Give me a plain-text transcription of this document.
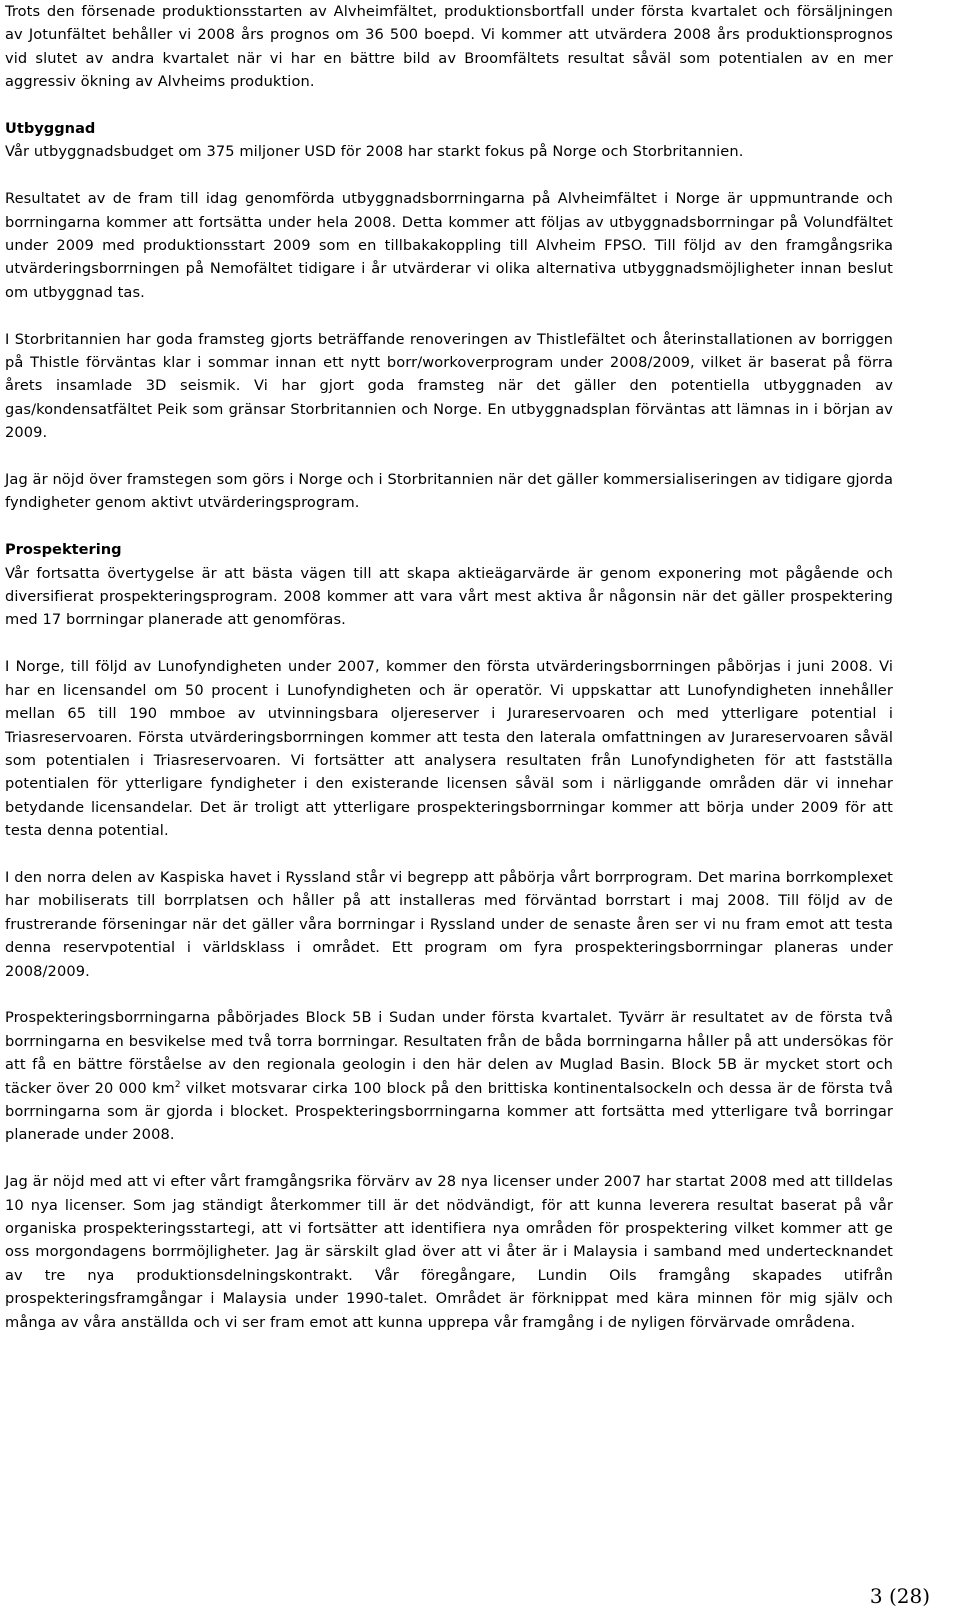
Trots den försenade produktionsstarten av Alvheimfältet, produktionsbortfall under första kvartalet och försäljningen av Jotunfältet behåller vi 2008 års prognos om 36 500 boepd. Vi kommer att utvärdera 2008 års produktionsprognos vid slutet av andra kvartalet när vi har en bättre bild av Broomfältets resultat såväl som potentialen av en mer aggressiv ökning av Alvheims produktion.

Utbyggnad

Vår utbyggnadsbudget om 375 miljoner USD för 2008 har starkt fokus på Norge och Storbritannien.

Resultatet av de fram till idag genomförda utbyggnadsborrningarna på Alvheimfältet i Norge är uppmuntrande och borrningarna kommer att fortsätta under hela 2008. Detta kommer att följas av utbyggnadsborrningar på Volundfältet under 2009 med produktionsstart 2009 som en tillbakakoppling till Alvheim FPSO. Till följd av den framgångsrika utvärderingsborrningen på Nemofältet tidigare i år utvärderar vi olika alternativa utbyggnadsmöjligheter innan beslut om utbyggnad tas.

I Storbritannien har goda framsteg gjorts beträffande renoveringen av Thistlefältet och återinstallationen av borriggen på Thistle förväntas klar i sommar innan ett nytt borr/workoverprogram under 2008/2009, vilket är baserat på förra årets insamlade 3D seismik. Vi har gjort goda framsteg när det gäller den potentiella utbyggnaden av gas/kondensatfältet Peik som gränsar Storbritannien och Norge. En utbyggnadsplan förväntas att lämnas in i början av 2009.

Jag är nöjd över framstegen som görs i Norge och i Storbritannien när det gäller kommersialiseringen av tidigare gjorda fyndigheter genom aktivt utvärderingsprogram.

Prospektering

Vår fortsatta övertygelse är att bästa vägen till att skapa aktieägarvärde är genom exponering mot pågående och diversifierat prospekteringsprogram. 2008 kommer att vara vårt mest aktiva år någonsin när det gäller prospektering med 17 borrningar planerade att genomföras.

I Norge, till följd av Lunofyndigheten under 2007, kommer den första utvärderingsborrningen påbörjas i juni 2008. Vi har en licensandel om 50 procent i Lunofyndigheten och är operatör. Vi uppskattar att Lunofyndigheten innehåller mellan 65 till 190 mmboe av utvinningsbara oljereserver i Jurareservoaren och med ytterligare potential i Triasreservoaren. Första utvärderingsborrningen kommer att testa den laterala omfattningen av Jurareservoaren såväl som potentialen i Triasreservoaren. Vi fortsätter att analysera resultaten från Lunofyndigheten för att fastställa potentialen för ytterligare fyndigheter i den existerande licensen såväl som i närliggande områden där vi innehar betydande licensandelar. Det är troligt att ytterligare prospekteringsborrningar kommer att börja under 2009 för att testa denna potential.

I den norra delen av Kaspiska havet i Ryssland står vi begrepp att påbörja vårt borrprogram. Det marina borrkomplexet har mobiliserats till borrplatsen och håller på att installeras med förväntad borrstart i maj 2008. Till följd av de frustrerande förseningar när det gäller våra borrningar i Ryssland under de senaste åren ser vi nu fram emot att testa denna reservpotential i världsklass i området. Ett program om fyra prospekteringsborrningar planeras under 2008/2009.

Prospekteringsborrningarna påbörjades Block 5B i Sudan under första kvartalet. Tyvärr är resultatet av de första två borrningarna en besvikelse med två torra borrningar. Resultaten från de båda borrningarna håller på att undersökas för att få en bättre förståelse av den regionala geologin i den här delen av Muglad Basin. Block 5B är mycket stort och täcker över 20 000 $km^2$ vilket motsvarar cirka 100 block på den brittiska kontinentalsockeln och dessa är de första två borrningarna som är gjorda i blocket. Prospekteringsborrningarna kommer att fortsätta med ytterligare två borringar planerade under 2008.

Jag är nöjd med att vi efter vårt framgångsrika förvärv av 28 nya licenser under 2007 har startat 2008 med att tilldelas 10 nya licenser. Som jag ständigt återkommer till är det nödvändigt, för att kunna leverera resultat baserat på vår organiska prospekteringsstartegi, att vi fortsätter att identifiera nya områden för prospektering vilket kommer att ge oss morgondagens borrmöjligheter. Jag är särskilt glad över att vi åter är i Malaysia i samband med undertecknandet av tre nya produktionsdelningskontrakt. Vår föregångare, Lundin Oils framgång skapades utifrån prospekteringsframgångar i Malaysia under 1990-talet. Området är förknippat med kära minnen för mig själv och många av våra anställda och vi ser fram emot att kunna upprepa vår framgång i de nyligen förvärvade områdena.

3 (28)
